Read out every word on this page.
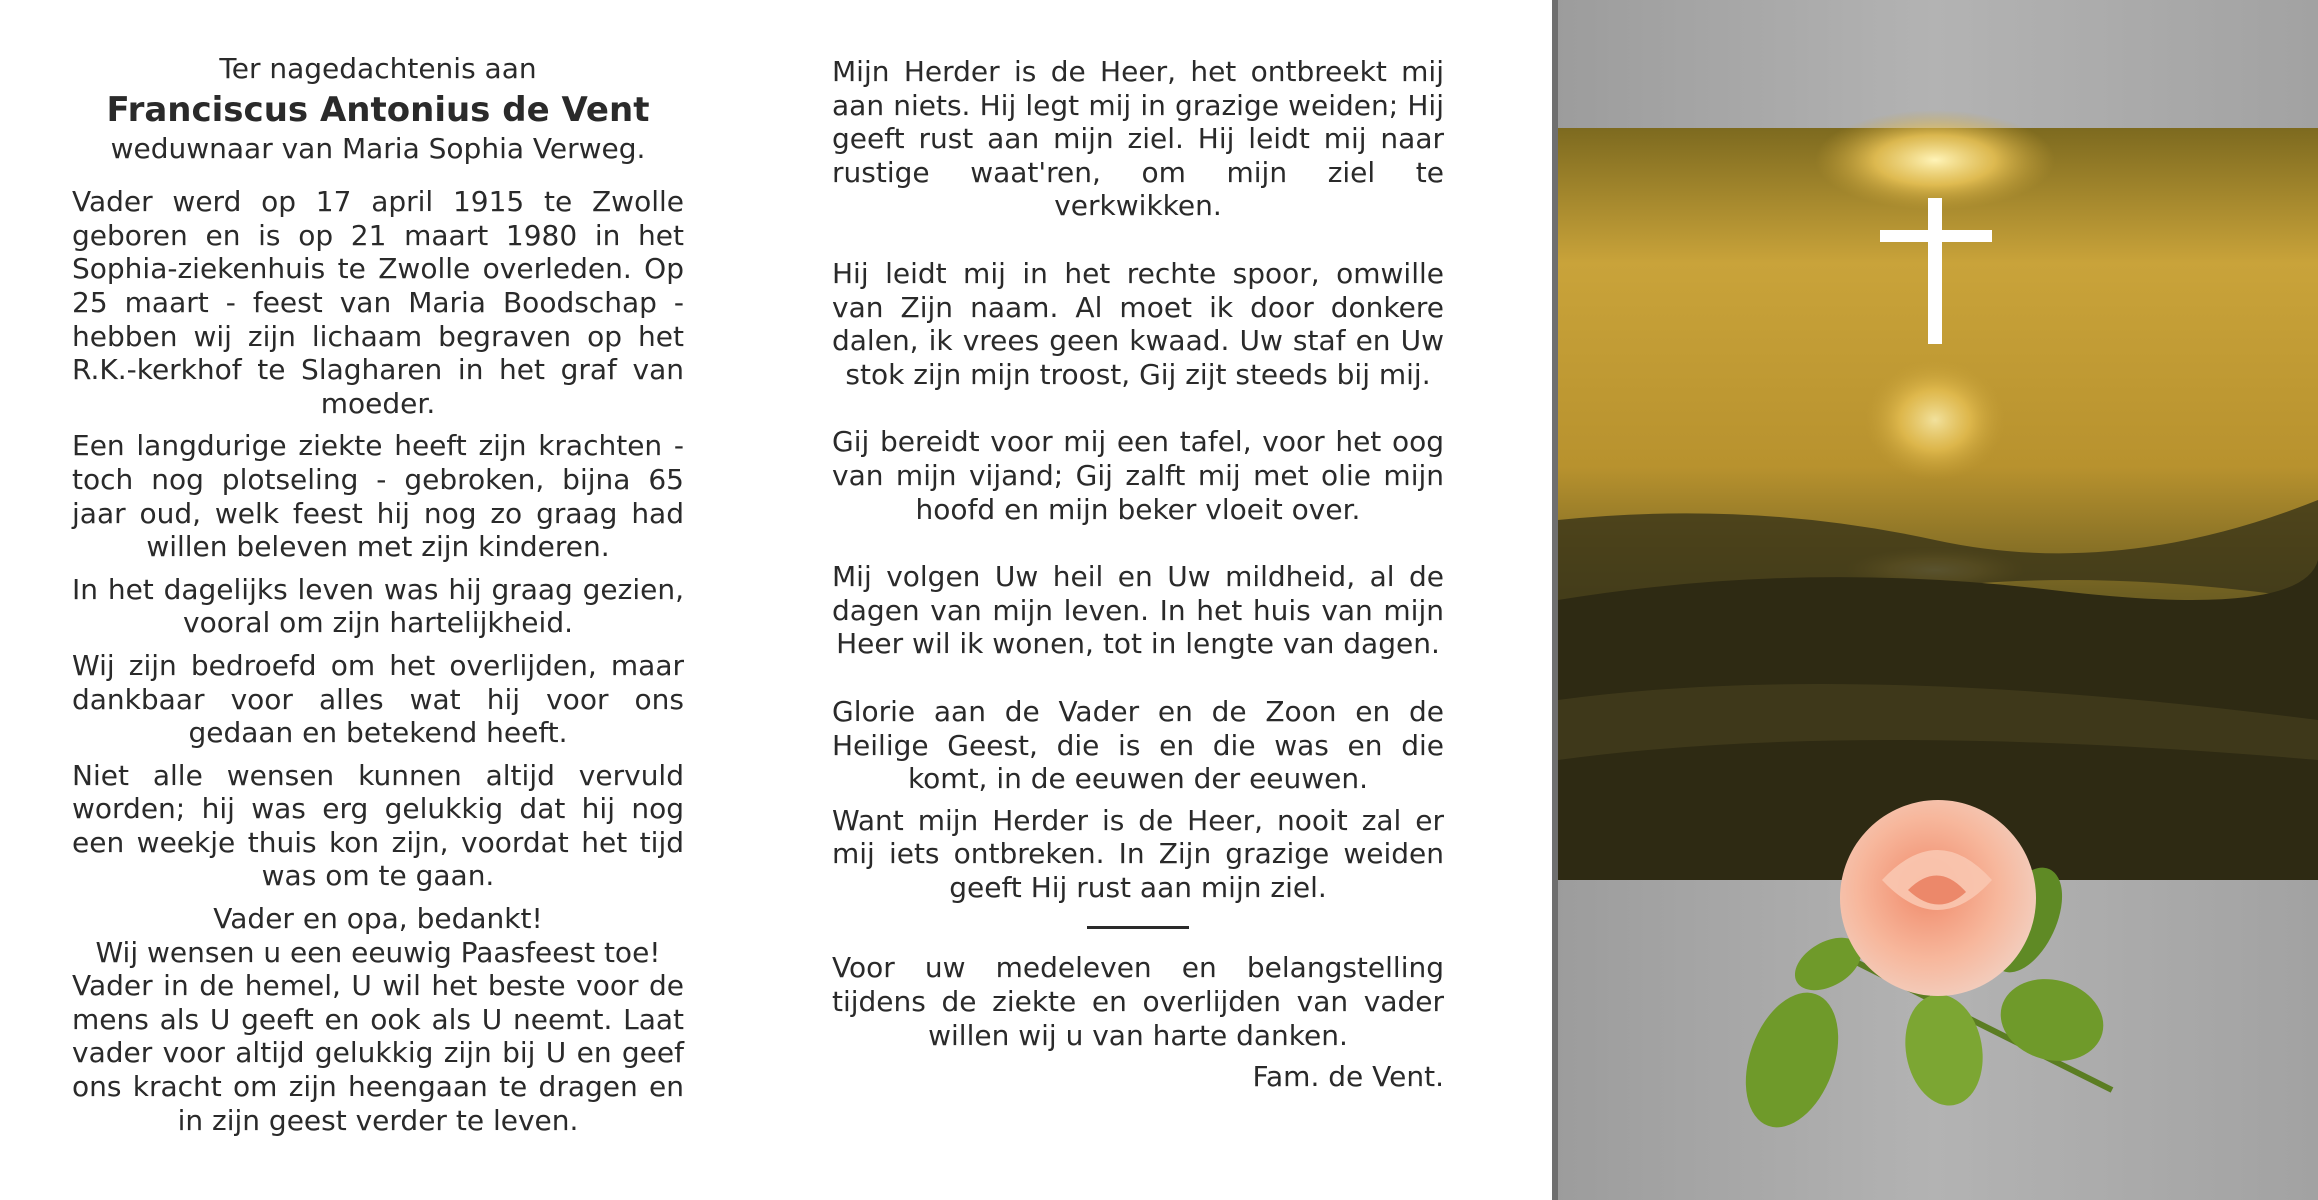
Ter nagedachtenis aan

Franciscus Antonius de Vent

weduwnaar van Maria Sophia Verweg.

Vader werd op 17 april 1915 te Zwolle geboren en is op 21 maart 1980 in het Sophia-ziekenhuis te Zwolle overleden. Op 25 maart - feest van Maria Boodschap - hebben wij zijn lichaam begraven op het R.K.-kerkhof te Slagharen in het graf van moeder.

Een langdurige ziekte heeft zijn krachten - toch nog plotseling - gebroken, bijna 65 jaar oud, welk feest hij nog zo graag had willen beleven met zijn kinderen.

In het dagelijks leven was hij graag gezien, vooral om zijn hartelijkheid.

Wij zijn bedroefd om het overlijden, maar dankbaar voor alles wat hij voor ons gedaan en betekend heeft.

Niet alle wensen kunnen altijd vervuld worden; hij was erg gelukkig dat hij nog een weekje thuis kon zijn, voordat het tijd was om te gaan.

Vader en opa, bedankt!

Wij wensen u een eeuwig Paasfeest toe!

Vader in de hemel, U wil het beste voor de mens als U geeft en ook als U neemt. Laat vader voor altijd gelukkig zijn bij U en geef ons kracht om zijn heengaan te dragen en in zijn geest verder te leven.

Mijn Herder is de Heer, het ontbreekt mij aan niets. Hij legt mij in grazige weiden; Hij geeft rust aan mijn ziel. Hij leidt mij naar rustige waat'ren, om mijn ziel te verkwikken.

Hij leidt mij in het rechte spoor, omwille van Zijn naam. Al moet ik door donkere dalen, ik vrees geen kwaad. Uw staf en Uw stok zijn mijn troost, Gij zijt steeds bij mij.

Gij bereidt voor mij een tafel, voor het oog van mijn vijand; Gij zalft mij met olie mijn hoofd en mijn beker vloeit over.

Mij volgen Uw heil en Uw mildheid, al de dagen van mijn leven. In het huis van mijn Heer wil ik wonen, tot in lengte van dagen.

Glorie aan de Vader en de Zoon en de Heilige Geest, die is en die was en die komt, in de eeuwen der eeuwen.

Want mijn Herder is de Heer, nooit zal er mij iets ontbreken. In Zijn grazige weiden geeft Hij rust aan mijn ziel.

Voor uw medeleven en belangstelling tijdens de ziekte en overlijden van vader willen wij u van harte danken.

Fam. de Vent.
